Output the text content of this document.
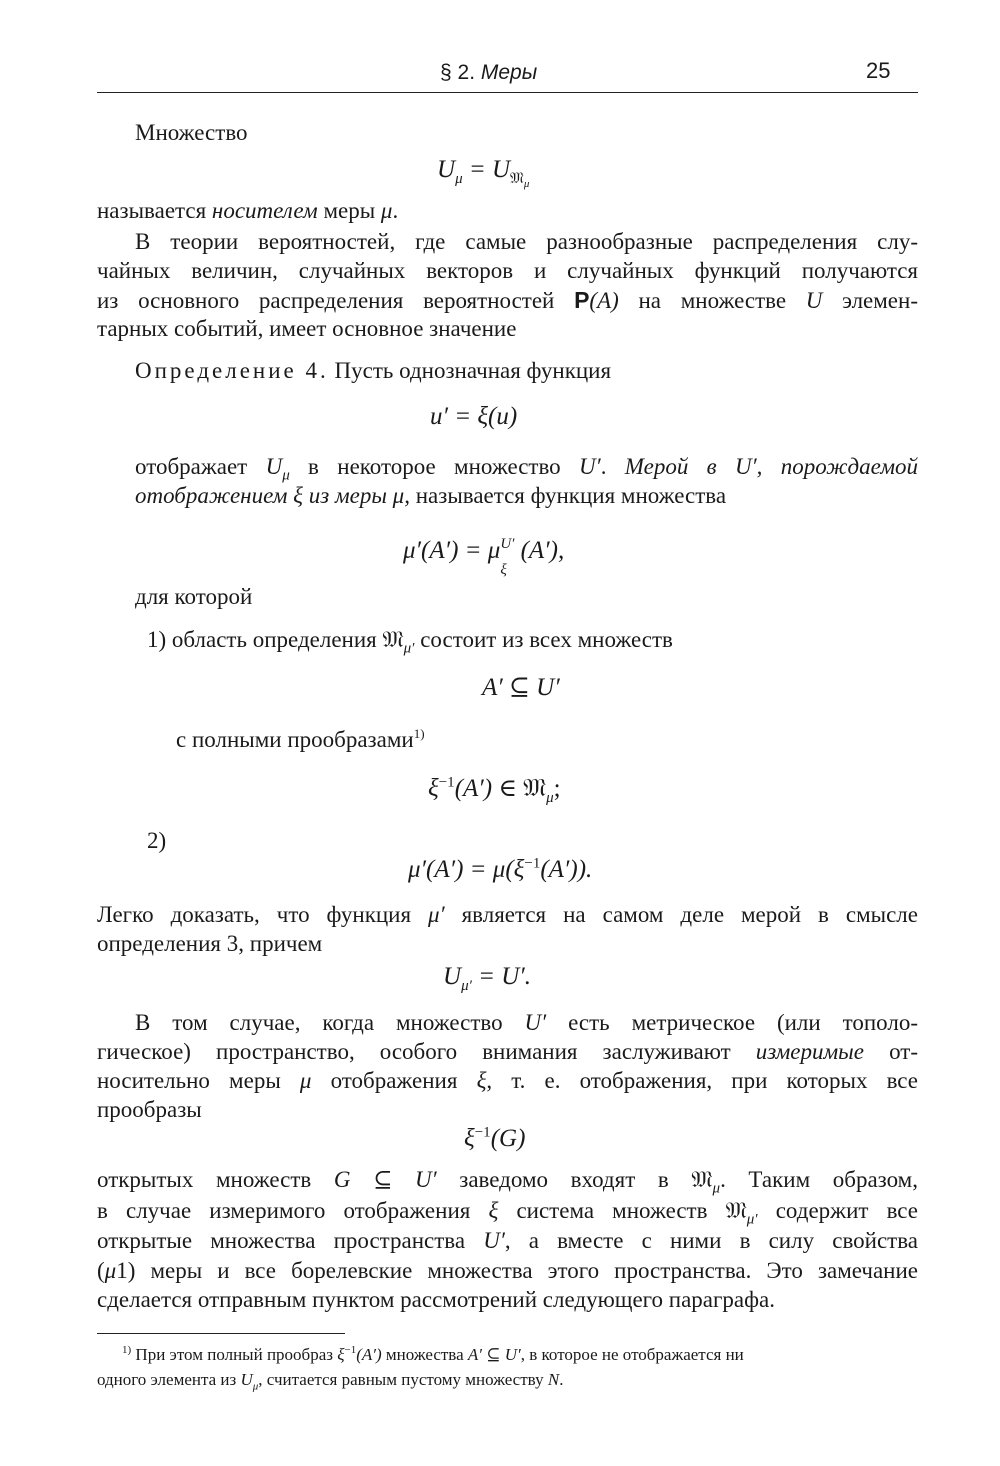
§ 2. Меры	25
Множество
$U_\mu = U_{𝔐_\mu}$
называется носителем меры μ.
В теории вероятностей, где самые разнообразные распределения слу-
чайных величин, случайных векторов и случайных функций получаются
из основного распределения вероятностей P(A) на множестве U элемен-
тарных событий, имеет основное значение
Определение 4. Пусть однозначная функция
u′ = ξ(u)
отображает $U_\mu$ в некоторое множество U′. Мерой в U′, порождаемой
отображением ξ из меры μ, называется функция множества
μ′(A′) = μ U′
ξ
(A′),
для которой
1) область определения 𝔐$_{\mu'}$ состоит из всех множеств
A′ ⊆ U′
с полными прообразами$^{1)}$
$\xi^{-1}(A')$ ∈ 𝔐$_\mu$;
2)
$\mu'(A') = \mu(\xi^{-1}(A'))$.
Легко доказать, что функция μ′ является на самом деле мерой в смысле
определения 3, причем
$U_{\mu'} = U'$.
В том случае, когда множество U′ есть метрическое (или тополо-
гическое) пространство, особого внимания заслуживают измеримые от-
носительно меры μ отображения ξ, т. е. отображения, при которых все
прообразы
$\xi^{-1}(G)$
открытых множеств G ⊆ U′ заведомо входят в 𝔐$_\mu$. Таким образом,
в случае измеримого отображения ξ система множеств 𝔐$_{\mu'}$ содержит все
открытые множества пространства U′, а вместе с ними в силу свойства
(μ1) меры и все борелевские множества этого пространства. Это замечание
сделается отправным пунктом рассмотрений следующего параграфа.
$^{1)}$ При этом полный прообраз $\xi^{-1}(A')$ множества A′ ⊆ U′, в которое не отображается ни
одного элемента из $U_\mu$, считается равным пустому множеству N.
